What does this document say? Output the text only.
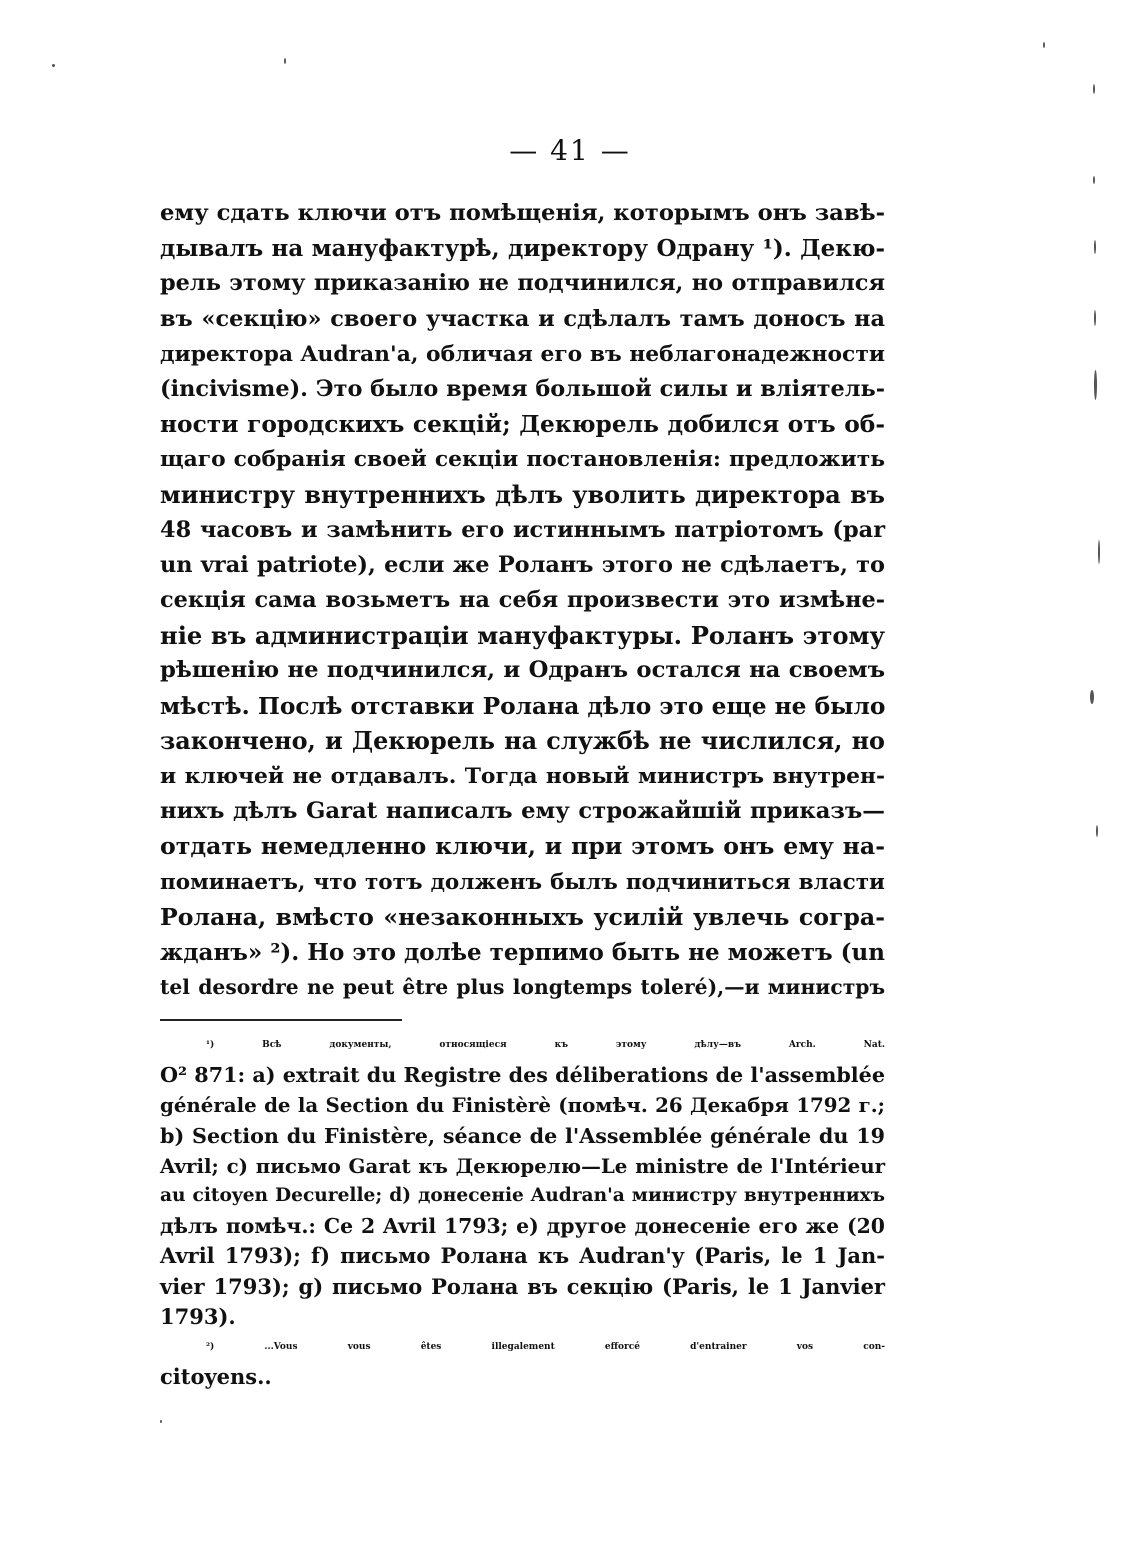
— 41 —
ему сдать ключи отъ помѣщенія, которымъ онъ завѣ-
дывалъ на мануфактурѣ, директору Одрану ¹). Декю-
рель этому приказанію не подчинился, но отправился
въ «секцію» своего участка и сдѣлалъ тамъ доносъ на
директора Audran'a, обличая его въ неблагонадежности
(incivisme). Это было время большой силы и вліятель-
ности городскихъ секцій; Декюрель добился отъ об-
щаго собранія своей секціи постановленія: предложить
министру внутреннихъ дѣлъ уволить директора въ
48 часовъ и замѣнить его истиннымъ патріотомъ (par
un vrai patriote), если же Роланъ этого не сдѣлаетъ, то
секція сама возьметъ на себя произвести это измѣне-
ніе въ администраціи мануфактуры. Роланъ этому
рѣшенію не подчинился, и Одранъ остался на своемъ
мѣстѣ. Послѣ отставки Ролана дѣло это еще не было
закончено, и Декюрель на службѣ не числился, но
и ключей не отдавалъ. Тогда новый министръ внутрен-
нихъ дѣлъ Garat написалъ ему строжайшій приказъ—
отдать немедленно ключи, и при этомъ онъ ему на-
поминаетъ, что тотъ долженъ былъ подчиниться власти
Ролана, вмѣсто «незаконныхъ усилій увлечь согра-
жданъ» ²). Но это долѣе терпимо быть не можетъ (un
tel desordre ne peut être plus longtemps toleré),—и министръ
¹) Всѣ документы, относящіеся къ этому дѣлу—въ Arch. Nat.
O² 871: a) extrait du Registre des déliberations de l'assemblée
générale de la Section du Finistèrè (помѣч. 26 Декабря 1792 г.;
b) Section du Finistère, séance de l'Assemblée générale du 19
Avril; c) письмо Garat къ Декюрелю—Le ministre de l'Intérieur
au citoyen Decurelle; d) донесеніе Audran'a министру внутреннихъ
дѣлъ помѣч.: Ce 2 Avril 1793; e) другое донесеніе его же (20
Avril 1793); f) письмо Ролана къ Audran'y (Paris, le 1 Jan-
vier 1793); g) письмо Ролана въ секцію (Paris, le 1 Janvier
1793).
²) ...Vous vous êtes illegalement efforcé d'entrainer vos con-
citoyens..
